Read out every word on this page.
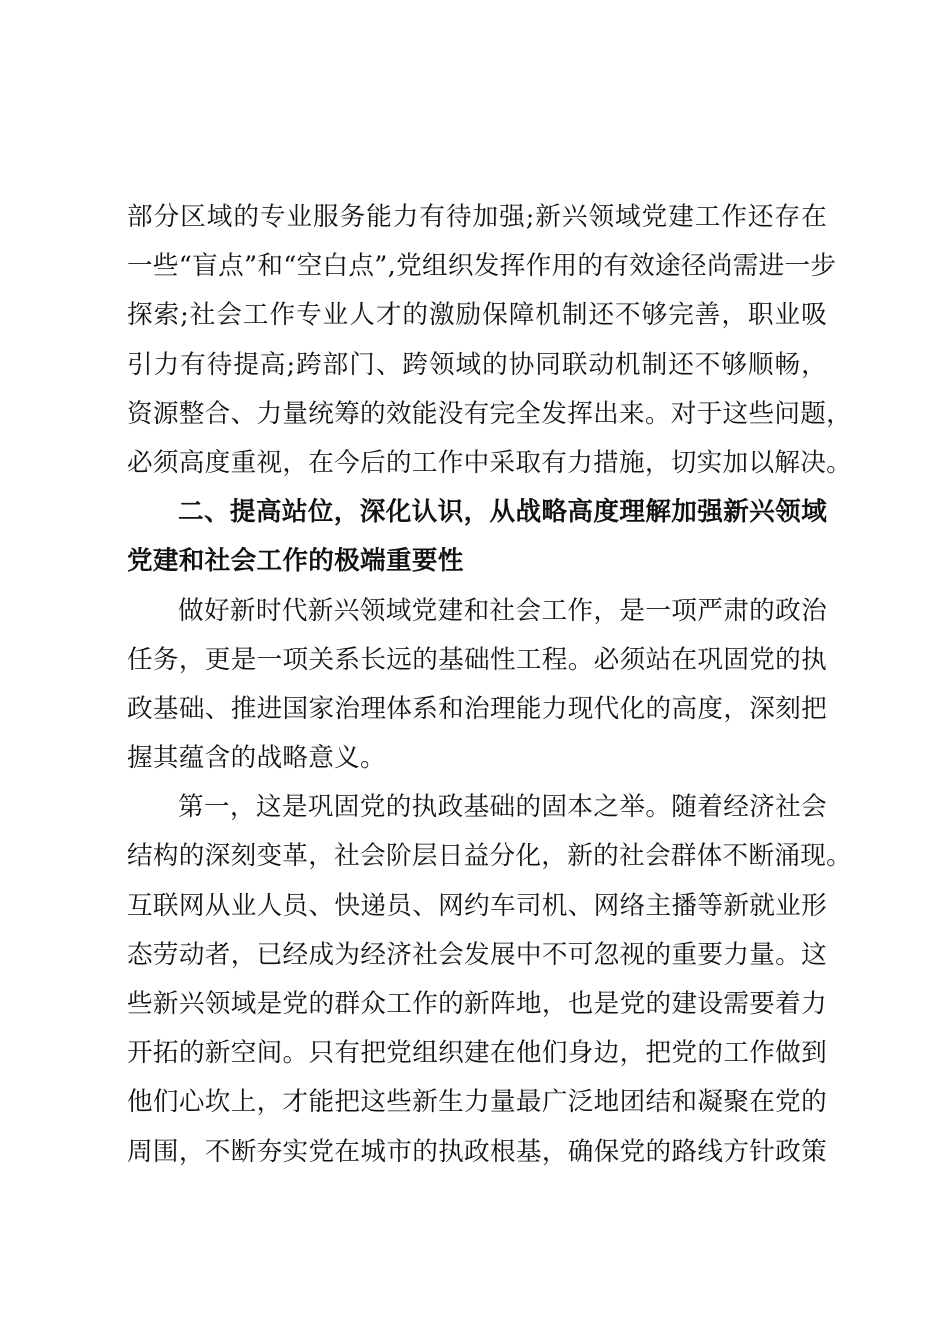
部分区域的专业服务能力有待加强;新兴领域党建工作还存在
一些“盲点”和“空白点”,党组织发挥作用的有效途径尚需进一步
探索;社会工作专业人才的激励保障机制还不够完善，职业吸
引力有待提高;跨部门、跨领域的协同联动机制还不够顺畅，
资源整合、力量统筹的效能没有完全发挥出来。对于这些问题，
必须高度重视，在今后的工作中采取有力措施，切实加以解决。
二、提高站位，深化认识，从战略高度理解加强新兴领域
党建和社会工作的极端重要性
做好新时代新兴领域党建和社会工作，是一项严肃的政治
任务，更是一项关系长远的基础性工程。必须站在巩固党的执
政基础、推进国家治理体系和治理能力现代化的高度，深刻把
握其蕴含的战略意义。
第一，这是巩固党的执政基础的固本之举。随着经济社会
结构的深刻变革，社会阶层日益分化，新的社会群体不断涌现。
互联网从业人员、快递员、网约车司机、网络主播等新就业形
态劳动者，已经成为经济社会发展中不可忽视的重要力量。这
些新兴领域是党的群众工作的新阵地，也是党的建设需要着力
开拓的新空间。只有把党组织建在他们身边，把党的工作做到
他们心坎上，才能把这些新生力量最广泛地团结和凝聚在党的
周围，不断夯实党在城市的执政根基，确保党的路线方针政策
